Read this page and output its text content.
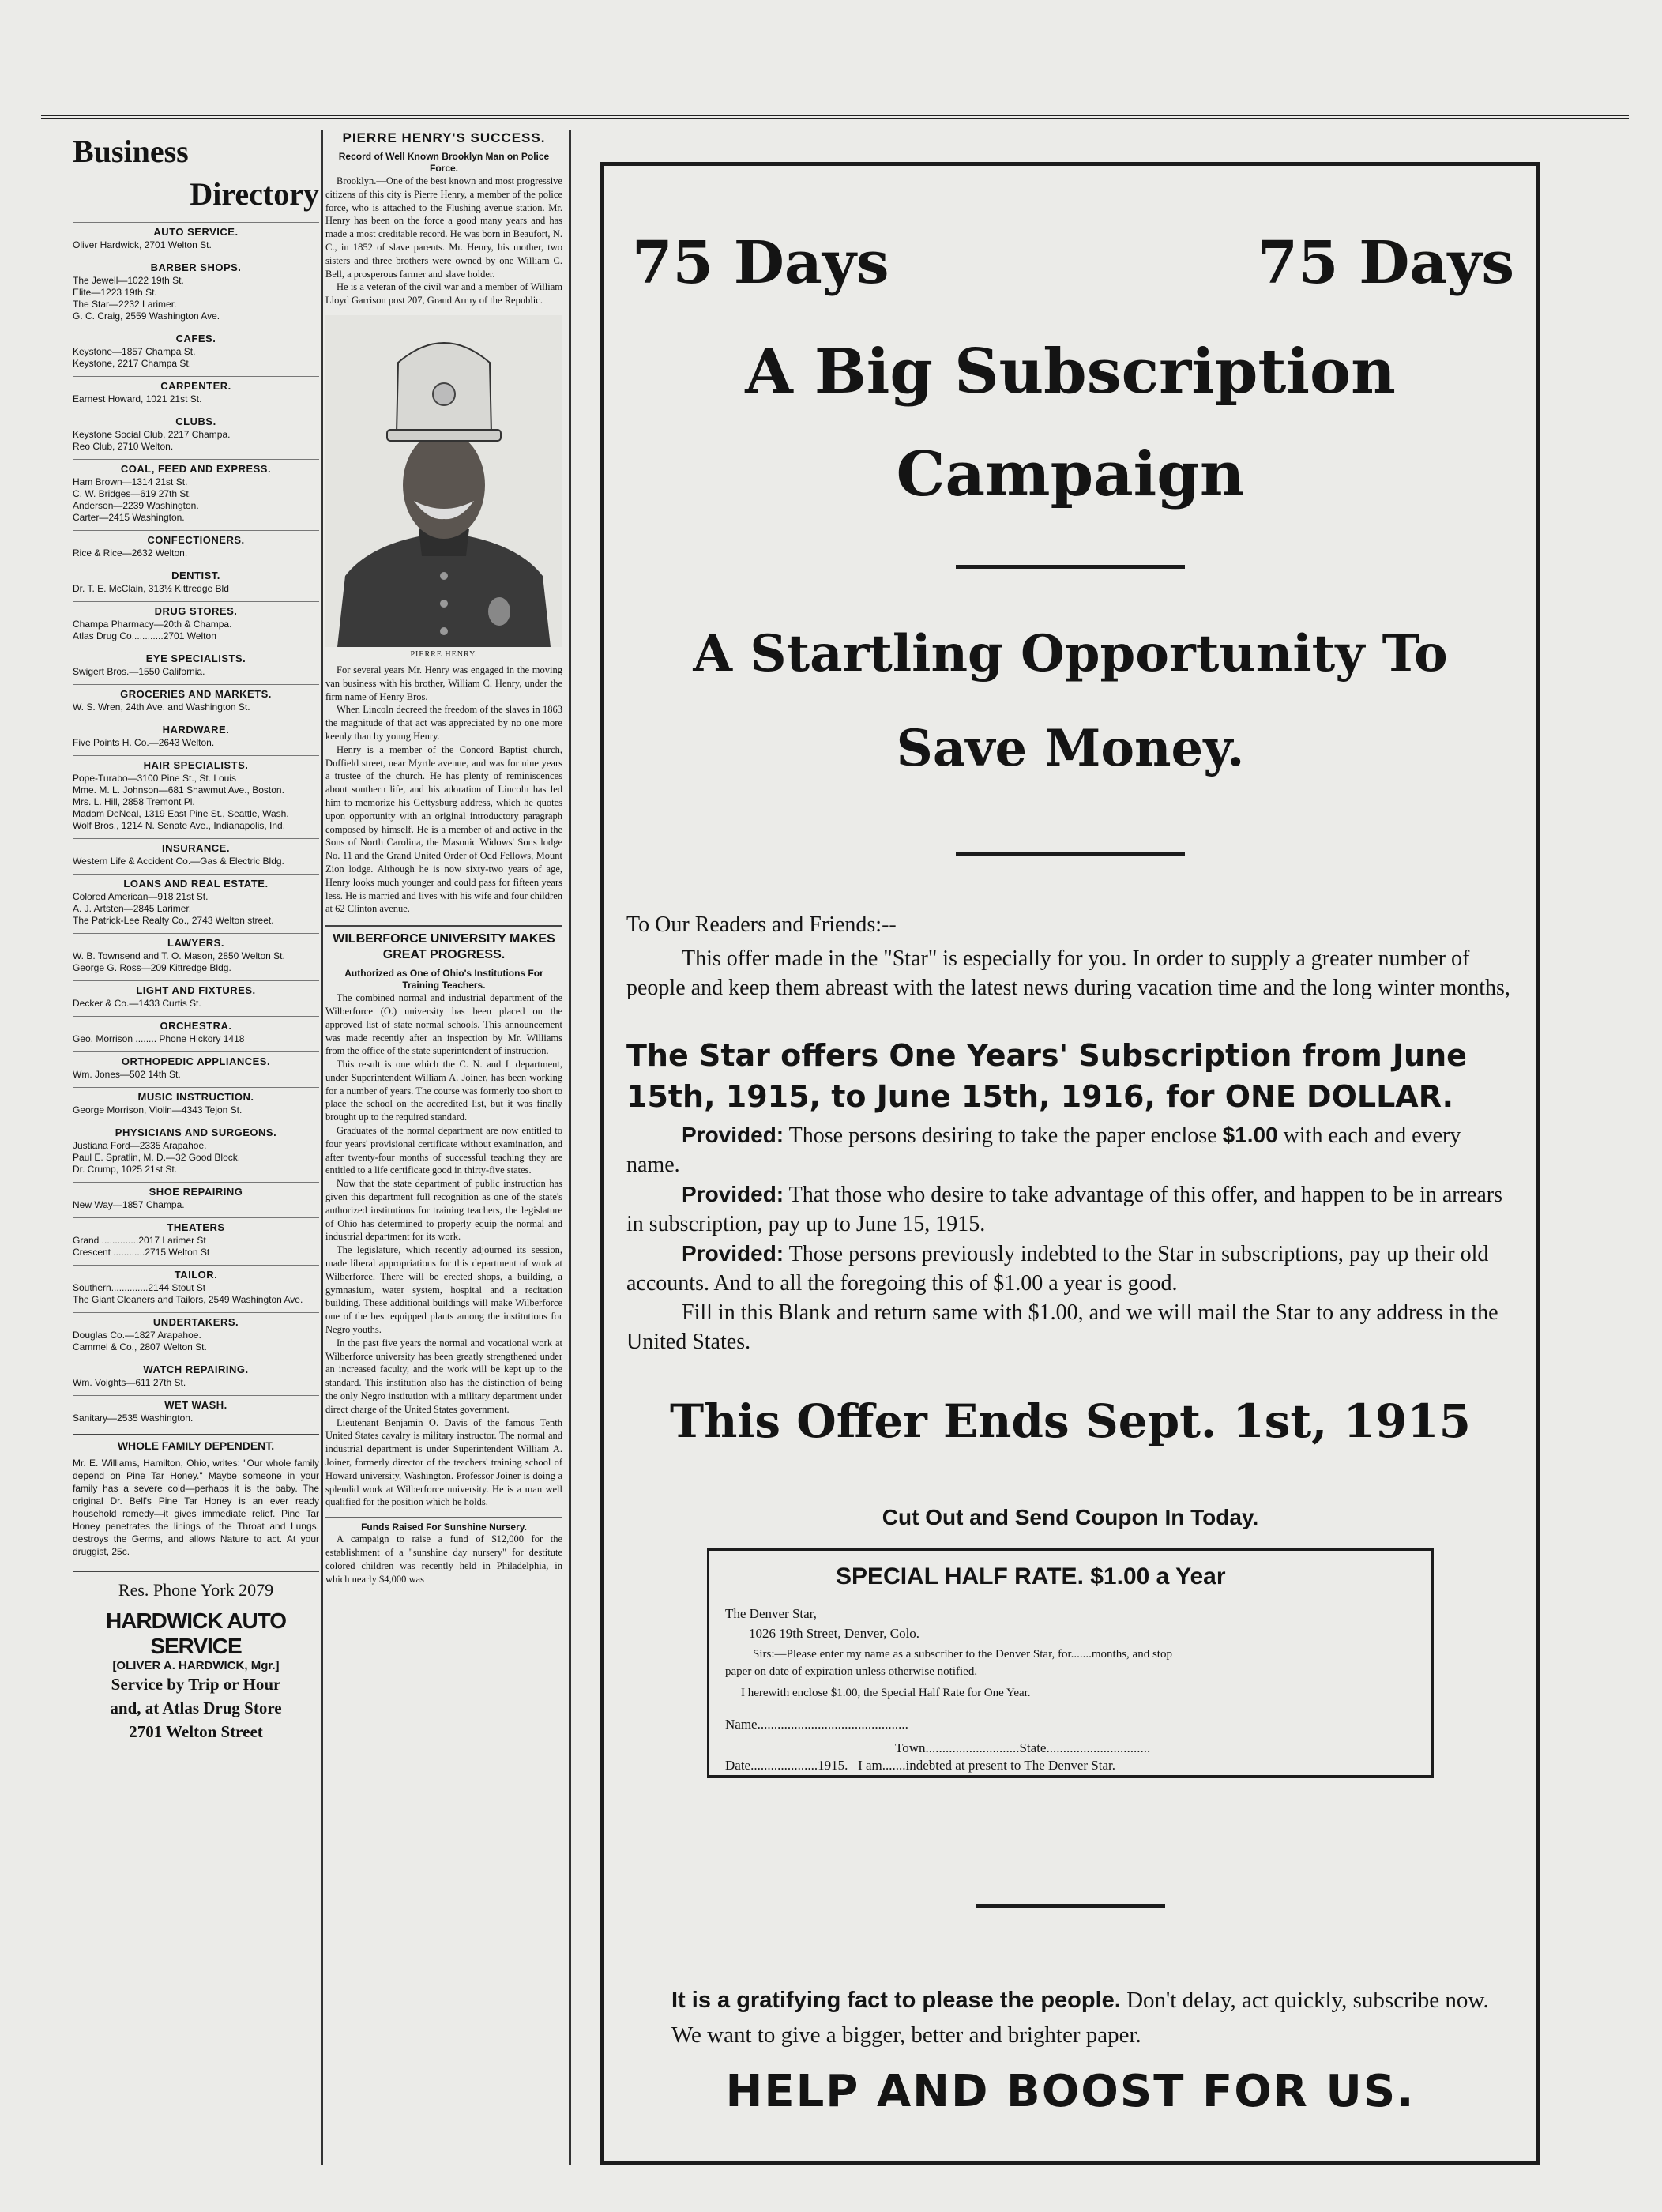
Business
Directory
AUTO SERVICE.
Oliver Hardwick, 2701 Welton St.
BARBER SHOPS.
The Jewell—1022 19th St.
Elite—1223 19th St.
The Star—2232 Larimer.
G. C. Craig, 2559 Washington Ave.
CAFES.
Keystone—1857 Champa St.
Keystone, 2217 Champa St.
CARPENTER.
Earnest Howard, 1021 21st St.
CLUBS.
Keystone Social Club, 2217 Champa.
Reo Club, 2710 Welton.
COAL, FEED AND EXPRESS.
Ham Brown—1314 21st St.
C. W. Bridges—619 27th St.
Anderson—2239 Washington.
Carter—2415 Washington.
CONFECTIONERS.
Rice & Rice—2632 Welton.
DENTIST.
Dr. T. E. McClain, 313½ Kittredge Bld
DRUG STORES.
Champa Pharmacy—20th & Champa.
Atlas Drug Co............2701 Welton
EYE SPECIALISTS.
Swigert Bros.—1550 California.
GROCERIES AND MARKETS.
W. S. Wren, 24th Ave. and Washington St.
HARDWARE.
Five Points H. Co.—2643 Welton.
HAIR SPECIALISTS.
Pope-Turabo—3100 Pine St., St. Louis
Mme. M. L. Johnson—681 Shawmut Ave., Boston.
Mrs. L. Hill, 2858 Tremont Pl.
Madam DeNeal, 1319 East Pine St., Seattle, Wash.
Wolf Bros., 1214 N. Senate Ave., Indianapolis, Ind.
INSURANCE.
Western Life & Accident Co.—Gas & Electric Bldg.
LOANS AND REAL ESTATE.
Colored American—918 21st St.
A. J. Artsten—2845 Larimer.
The Patrick-Lee Realty Co., 2743 Welton street.
LAWYERS.
W. B. Townsend and T. O. Mason, 2850 Welton St.
George G. Ross—209 Kittredge Bldg.
LIGHT AND FIXTURES.
Decker & Co.—1433 Curtis St.
ORCHESTRA.
Geo. Morrison ........ Phone Hickory 1418
ORTHOPEDIC APPLIANCES.
Wm. Jones—502 14th St.
MUSIC INSTRUCTION.
George Morrison, Violin—4343 Tejon St.
PHYSICIANS AND SURGEONS.
Justiana Ford—2335 Arapahoe.
Paul E. Spratlin, M. D.—32 Good Block.
Dr. Crump, 1025 21st St.
SHOE REPAIRING
New Way—1857 Champa.
THEATERS
Grand ..............2017 Larimer St
Crescent ............2715 Welton St
TAILOR.
Southern..............2144 Stout St
The Giant Cleaners and Tailors, 2549 Washington Ave.
UNDERTAKERS.
Douglas Co.—1827 Arapahoe.
Cammel & Co., 2807 Welton St.
WATCH REPAIRING.
Wm. Voights—611 27th St.
WET WASH.
Sanitary—2535 Washington.
WHOLE FAMILY DEPENDENT.
Mr. E. Williams, Hamilton, Ohio, writes: "Our whole family depend on Pine Tar Honey." Maybe someone in your family has a severe cold—perhaps it is the baby. The original Dr. Bell's Pine Tar Honey is an ever ready household remedy—it gives immediate relief. Pine Tar Honey penetrates the linings of the Throat and Lungs, destroys the Germs, and allows Nature to act. At your druggist, 25c.
Res. Phone York 2079
HARDWICK AUTO SERVICE
[OLIVER A. HARDWICK, Mgr.]
Service by Trip or Hour
and, at Atlas Drug Store
2701 Welton Street
PIERRE HENRY'S SUCCESS.
Record of Well Known Brooklyn Man on Police Force.

Brooklyn.—One of the best known and most progressive citizens of this city is Pierre Henry, a member of the police force, who is attached to the Flushing avenue station. Mr. Henry has been on the force a good many years and has made a most creditable record. He was born in Beaufort, N. C., in 1852 of slave parents. Mr. Henry, his mother, two sisters and three brothers were owned by one William C. Bell, a prosperous farmer and slave holder.

He is a veteran of the civil war and a member of William Lloyd Garrison post 207, Grand Army of the Republic.

PIERRE HENRY.

For several years Mr. Henry was engaged in the moving van business with his brother, William C. Henry, under the firm name of Henry Bros.

When Lincoln decreed the freedom of the slaves in 1863 the magnitude of that act was appreciated by no one more keenly than by young Henry.

Henry is a member of the Concord Baptist church, Duffield street, near Myrtle avenue, and was for nine years a trustee of the church. He has plenty of reminiscences about southern life, and his adoration of Lincoln has led him to memorize his Gettysburg address, which he quotes upon opportunity with an original introductory paragraph composed by himself. He is a member of and active in the Sons of North Carolina, the Masonic Widows' Sons lodge No. 11 and the Grand United Order of Odd Fellows, Mount Zion lodge. Although he is now sixty-two years of age, Henry looks much younger and could pass for fifteen years less. He is married and lives with his wife and four children at 62 Clinton avenue.

WILBERFORCE UNIVERSITY MAKES GREAT PROGRESS.
Authorized as One of Ohio's Institutions For Training Teachers.

The combined normal and industrial department of the Wilberforce (O.) university has been placed on the approved list of state normal schools. This announcement was made recently after an inspection by Mr. Williams from the office of the state superintendent of instruction.

This result is one which the C. N. and I. department, under Superintendent William A. Joiner, has been working for a number of years. The course was formerly too short to place the school on the accredited list, but it was finally brought up to the required standard.

Graduates of the normal department are now entitled to four years' provisional certificate without examination, and after twenty-four months of successful teaching they are entitled to a life certificate good in thirty-five states.

Now that the state department of public instruction has given this department full recognition as one of the state's authorized institutions for training teachers, the legislature of Ohio has determined to properly equip the normal and industrial department for its work.

The legislature, which recently adjourned its session, made liberal appropriations for this department of work at Wilberforce. There will be erected shops, a building, a gymnasium, water system, hospital and a recitation building. These additional buildings will make Wilberforce one of the best equipped plants among the institutions for Negro youths.

In the past five years the normal and vocational work at Wilberforce university has been greatly strengthened under an increased faculty, and the work will be kept up to the standard. This institution also has the distinction of being the only Negro institution with a military department under direct charge of the United States government.

Lieutenant Benjamin O. Davis of the famous Tenth United States cavalry is military instructor. The normal and industrial department is under Superintendent William A. Joiner, formerly director of the teachers' training school of Howard university, Washington. Professor Joiner is doing a splendid work at Wilberforce university. He is a man well qualified for the position which he holds.

Funds Raised For Sunshine Nursery.

A campaign to raise a fund of $12,000 for the establishment of a "sunshine day nursery" for destitute colored children was recently held in Philadelphia, in which nearly $4,000 was

75 Days	75 Days
A Big Subscription
Campaign
A Startling Opportunity To
Save Money.
To Our Readers and Friends:--
This offer made in the "Star" is especially for you. In order to supply a greater number of people and keep them abreast with the latest news during vacation time and the long winter months,
The Star offers One Years' Subscription from June 15th, 1915, to June 15th, 1916, for ONE DOLLAR.
Provided: Those persons desiring to take the paper enclose $1.00 with each and every name.
Provided: That those who desire to take advantage of this offer, and happen to be in arrears in subscription, pay up to June 15, 1915.
Provided: Those persons previously indebted to the Star in subscriptions, pay up their old accounts. And to all the foregoing this of $1.00 a year is good.
Fill in this Blank and return same with $1.00, and we will mail the Star to any address in the United States.
This Offer Ends Sept. 1st, 1915
Cut Out and Send Coupon In Today.
SPECIAL HALF RATE. $1.00 a Year
The Denver Star,
1026 19th Street, Denver, Colo.
Sirs:—Please enter my name as a subscriber to the Denver Star, for.......months, and stop
paper on date of expiration unless otherwise notified.
I herewith enclose $1.00, the Special Half Rate for One Year.
Name.............................................
Town............................State...............................
Date....................1915.   I am.......indebted at present to The Denver Star.
It is a gratifying fact to please the people. Don't delay, act quickly, subscribe now. We want to give a bigger, better and brighter paper.
HELP AND BOOST FOR US.
